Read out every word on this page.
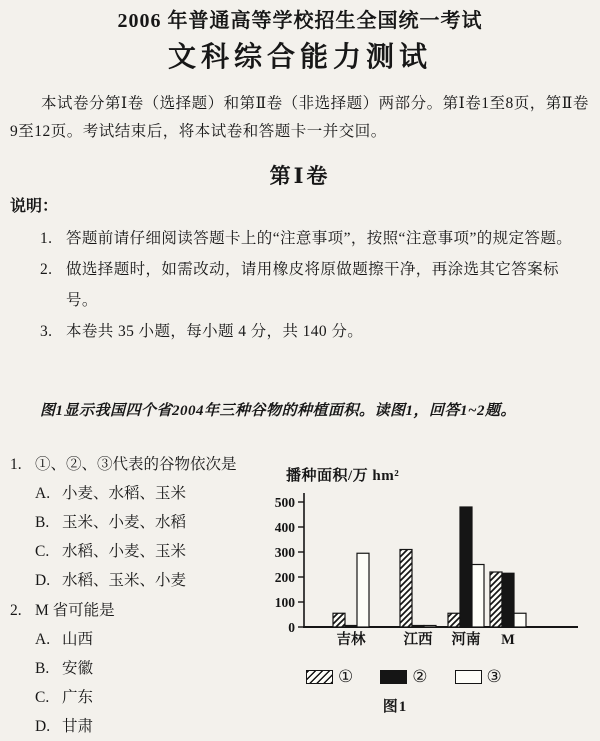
2006 年普通高等学校招生全国统一考试
文科综合能力测试

本试卷分第Ⅰ卷（选择题）和第Ⅱ卷（非选择题）两部分。第Ⅰ卷1至8页，第Ⅱ卷9至12页。考试结束后，将本试卷和答题卡一并交回。

第Ⅰ卷
说明：
1. 答题前请仔细阅读答题卡上的“注意事项”，按照“注意事项”的规定答题。
2. 做选择题时，如需改动，请用橡皮将原做题擦干净，再涂选其它答案标号。
3. 本卷共 35 小题，每小题 4 分，共 140 分。

图1显示我国四个省2004年三种谷物的种植面积。读图1，回答1~2题。

1. ①、②、③代表的谷物依次是
A. 小麦、水稻、玉米
B. 玉米、小麦、水稻
C. 水稻、小麦、玉米
D. 水稻、玉米、小麦
2. M 省可能是
A. 山西
B. 安徽
C. 广东
D. 甘肃
播种面积/万 hm²
0
100
200
300
400
500
吉林	江西 河南 M
①	②	③
图1
